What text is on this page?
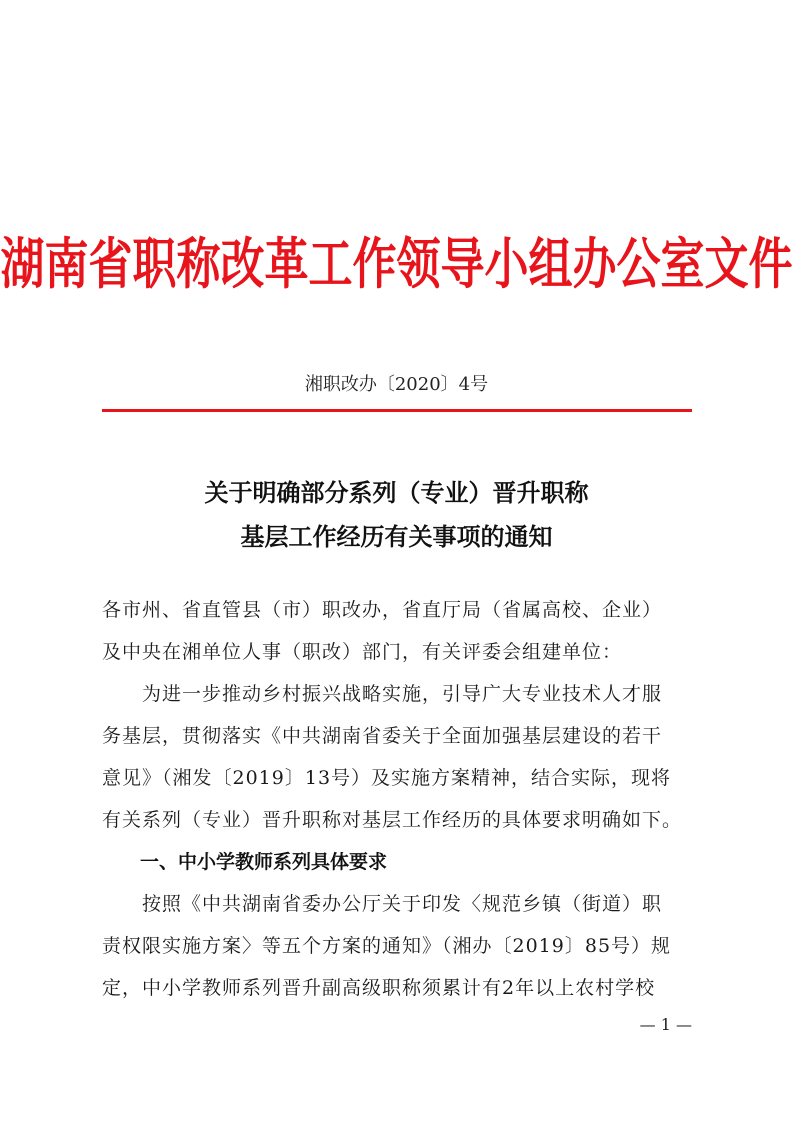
湖南省职称改革工作领导小组办公室文件
湘职改办〔2020〕4号
关于明确部分系列（专业）晋升职称
基层工作经历有关事项的通知
各市州、省直管县（市）职改办，省直厅局（省属高校、企业）
及中央在湘单位人事（职改）部门，有关评委会组建单位：
　　为进一步推动乡村振兴战略实施，引导广大专业技术人才服
务基层，贯彻落实《中共湖南省委关于全面加强基层建设的若干
意见》（湘发〔2019〕13号）及实施方案精神，结合实际，现将
有关系列（专业）晋升职称对基层工作经历的具体要求明确如下。
一、中小学教师系列具体要求
　　按照《中共湖南省委办公厅关于印发〈规范乡镇（街道）职
责权限实施方案〉等五个方案的通知》（湘办〔2019〕85号）规
定，中小学教师系列晋升副高级职称须累计有2年以上农村学校
— 1 —
